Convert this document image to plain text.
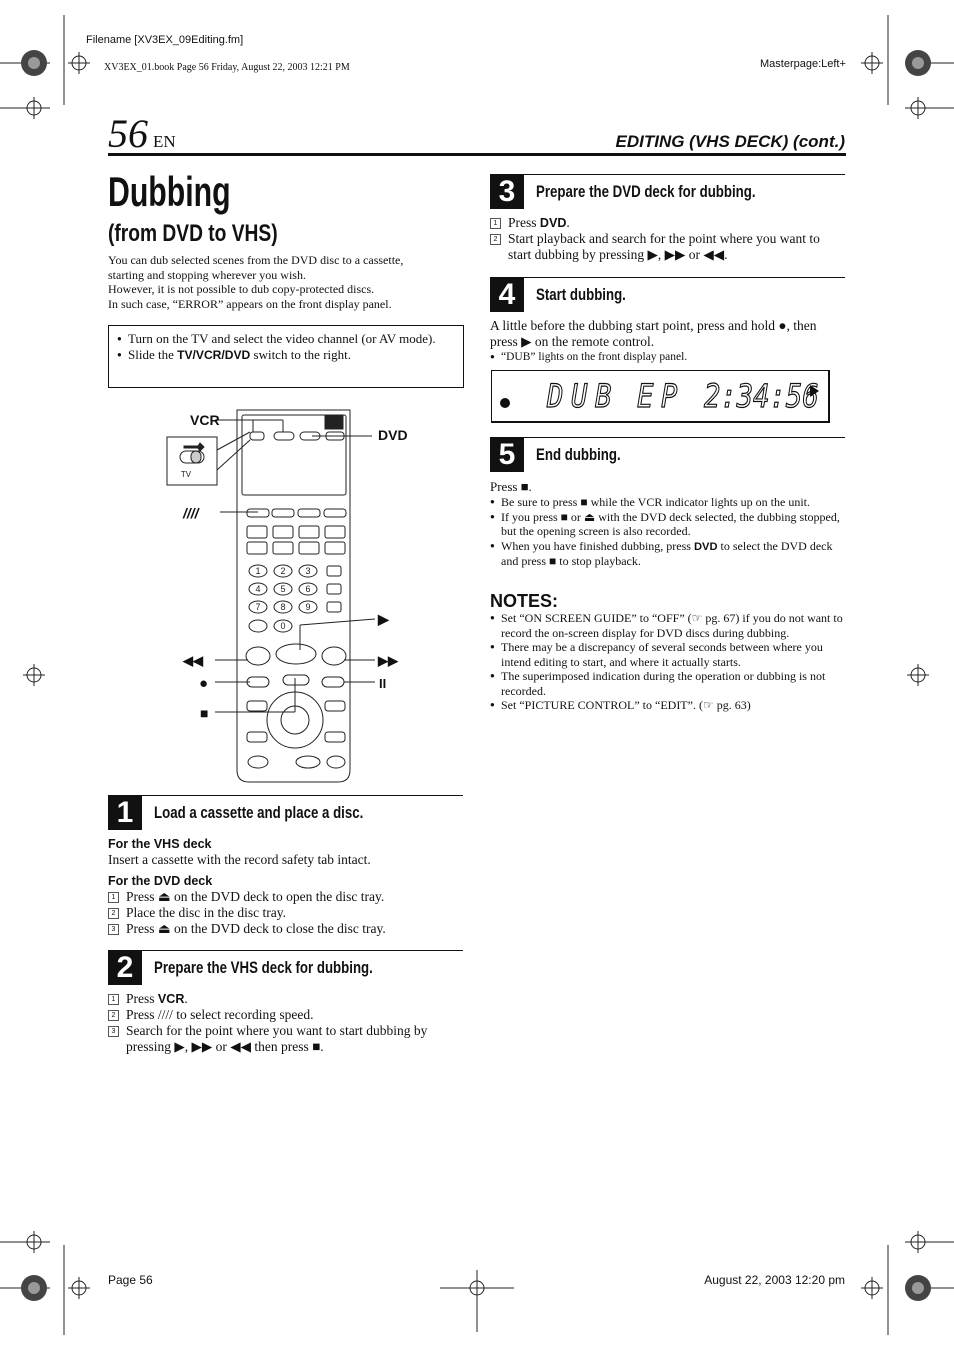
Filename [XV3EX_09Editing.fm]
XV3EX_01.book Page 56 Friday, August 22, 2003 12:21 PM	Masterpage:Left+
56 EN	EDITING (VHS DECK) (cont.)
Dubbing
(from DVD to VHS)
You can dub selected scenes from the DVD disc to a cassette,
starting and stopping wherever you wish.
However, it is not possible to dub copy-protected discs.
In such case, “ERROR” appears on the front display panel.
● Turn on the TV and select the video channel (or AV mode).
● Slide the TV/VCR/DVD switch to the right.
1 2 3
4 5 6
7 8 9
0
TV
VCR
DVD
////
▶
◀◀	▶▶
●	II
■
1	Load a cassette and place a disc.
For the VHS deck
Insert a cassette with the record safety tab intact.
For the DVD deck
1 Press ⏏ on the DVD deck to open the disc tray.
2 Place the disc in the disc tray.
3 Press ⏏ on the DVD deck to close the disc tray.
2	Prepare the VHS deck for dubbing.
1 Press VCR.
2 Press //// to select recording speed.
3 Search for the point where you want to start dubbing by pressing ▶, ▶▶ or ◀◀ then press ■.
3	Prepare the DVD deck for dubbing.
1 Press DVD.
2 Start playback and search for the point where you want to start dubbing by pressing ▶, ▶▶ or ◀◀.
4	Start dubbing.
A little before the dubbing start point, press and hold ●, then press ▶ on the remote control.
● “DUB” lights on the front display panel.
DUB EP 2:34:56
5	End dubbing.
Press ■.
● Be sure to press ■ while the VCR indicator lights up on the unit.
● If you press ■ or ⏏ with the DVD deck selected, the dubbing stopped, but the opening screen is also recorded.
● When you have finished dubbing, press DVD to select the DVD deck and press ■ to stop playback.
NOTES:
● Set “ON SCREEN GUIDE” to “OFF” (☞ pg. 67) if you do not want to record the on-screen display for DVD discs during dubbing.
● There may be a discrepancy of several seconds between where you intend editing to start, and where it actually starts.
● The superimposed indication during the operation or dubbing is not recorded.
● Set “PICTURE CONTROL” to “EDIT”. (☞ pg. 63)
Page 56	August 22, 2003 12:20 pm
